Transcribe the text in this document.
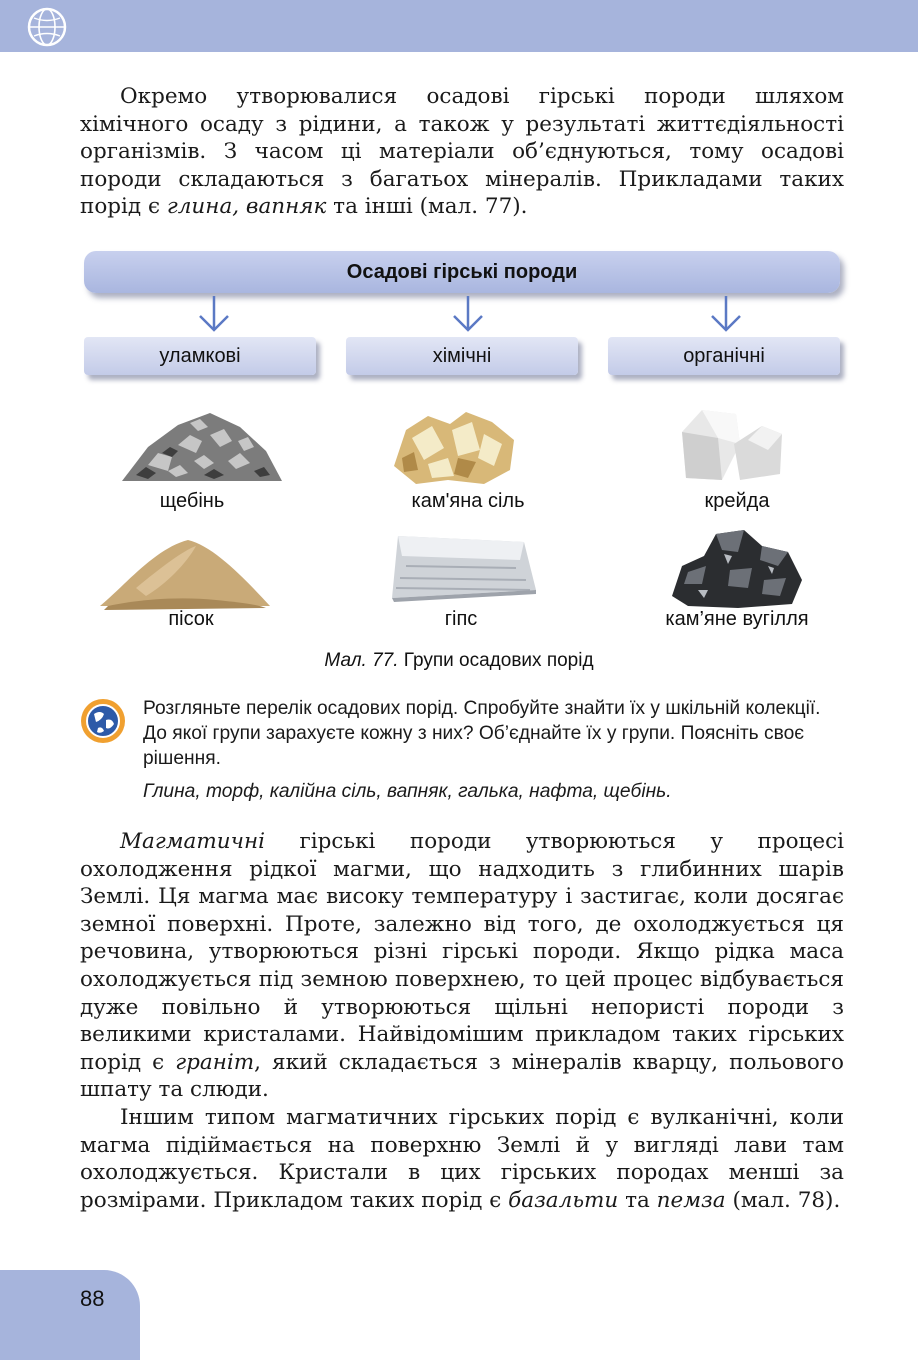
Окремо утворювалися осадові гірські породи шляхом хімічного осаду з рідини, а також у результаті життєдіяльності організмів. З часом ці матеріали об’єднуються, тому осадові породи складаються з багатьох мінералів. Прикладами таких порід є глина, вапняк та інші (мал. 77).

Осадові гірські породи
уламкові	хімічні	органічні
щебінь	кам'яна сіль	крейда
пісок	гіпс	кам’яне вугілля
Мал. 77. Групи осадових порід
Розгляньте перелік осадових порід. Спробуйте знайти їх у шкільній колекції. До якої групи зарахуєте кожну з них? Об’єднайте їх у групи. Поясніть своє рішення.
Глина, торф, калійна сіль, вапняк, галька, нафта, щебінь.

Магматичні гірські породи утворюються у процесі охолодження рідкої магми, що надходить з глибинних шарів Землі. Ця магма має високу температуру і застигає, коли досягає земної поверхні. Проте, залежно від того, де охолоджується ця речовина, утворюються різні гірські породи. Якщо рідка маса охолоджується під земною поверхнею, то цей процес відбувається дуже повільно й утворюються щільні непористі породи з великими кристалами. Найвідомішим прикладом таких гірських порід є граніт, який складається з мінералів кварцу, польового шпату та слюди.

Іншим типом магматичних гірських порід є вулканічні, коли магма підіймається на поверхню Землі й у вигляді лави там охолоджується. Кристали в цих гірських породах менші за розмірами. Прикладом таких порід є базальти та пемза (мал. 78).

88
